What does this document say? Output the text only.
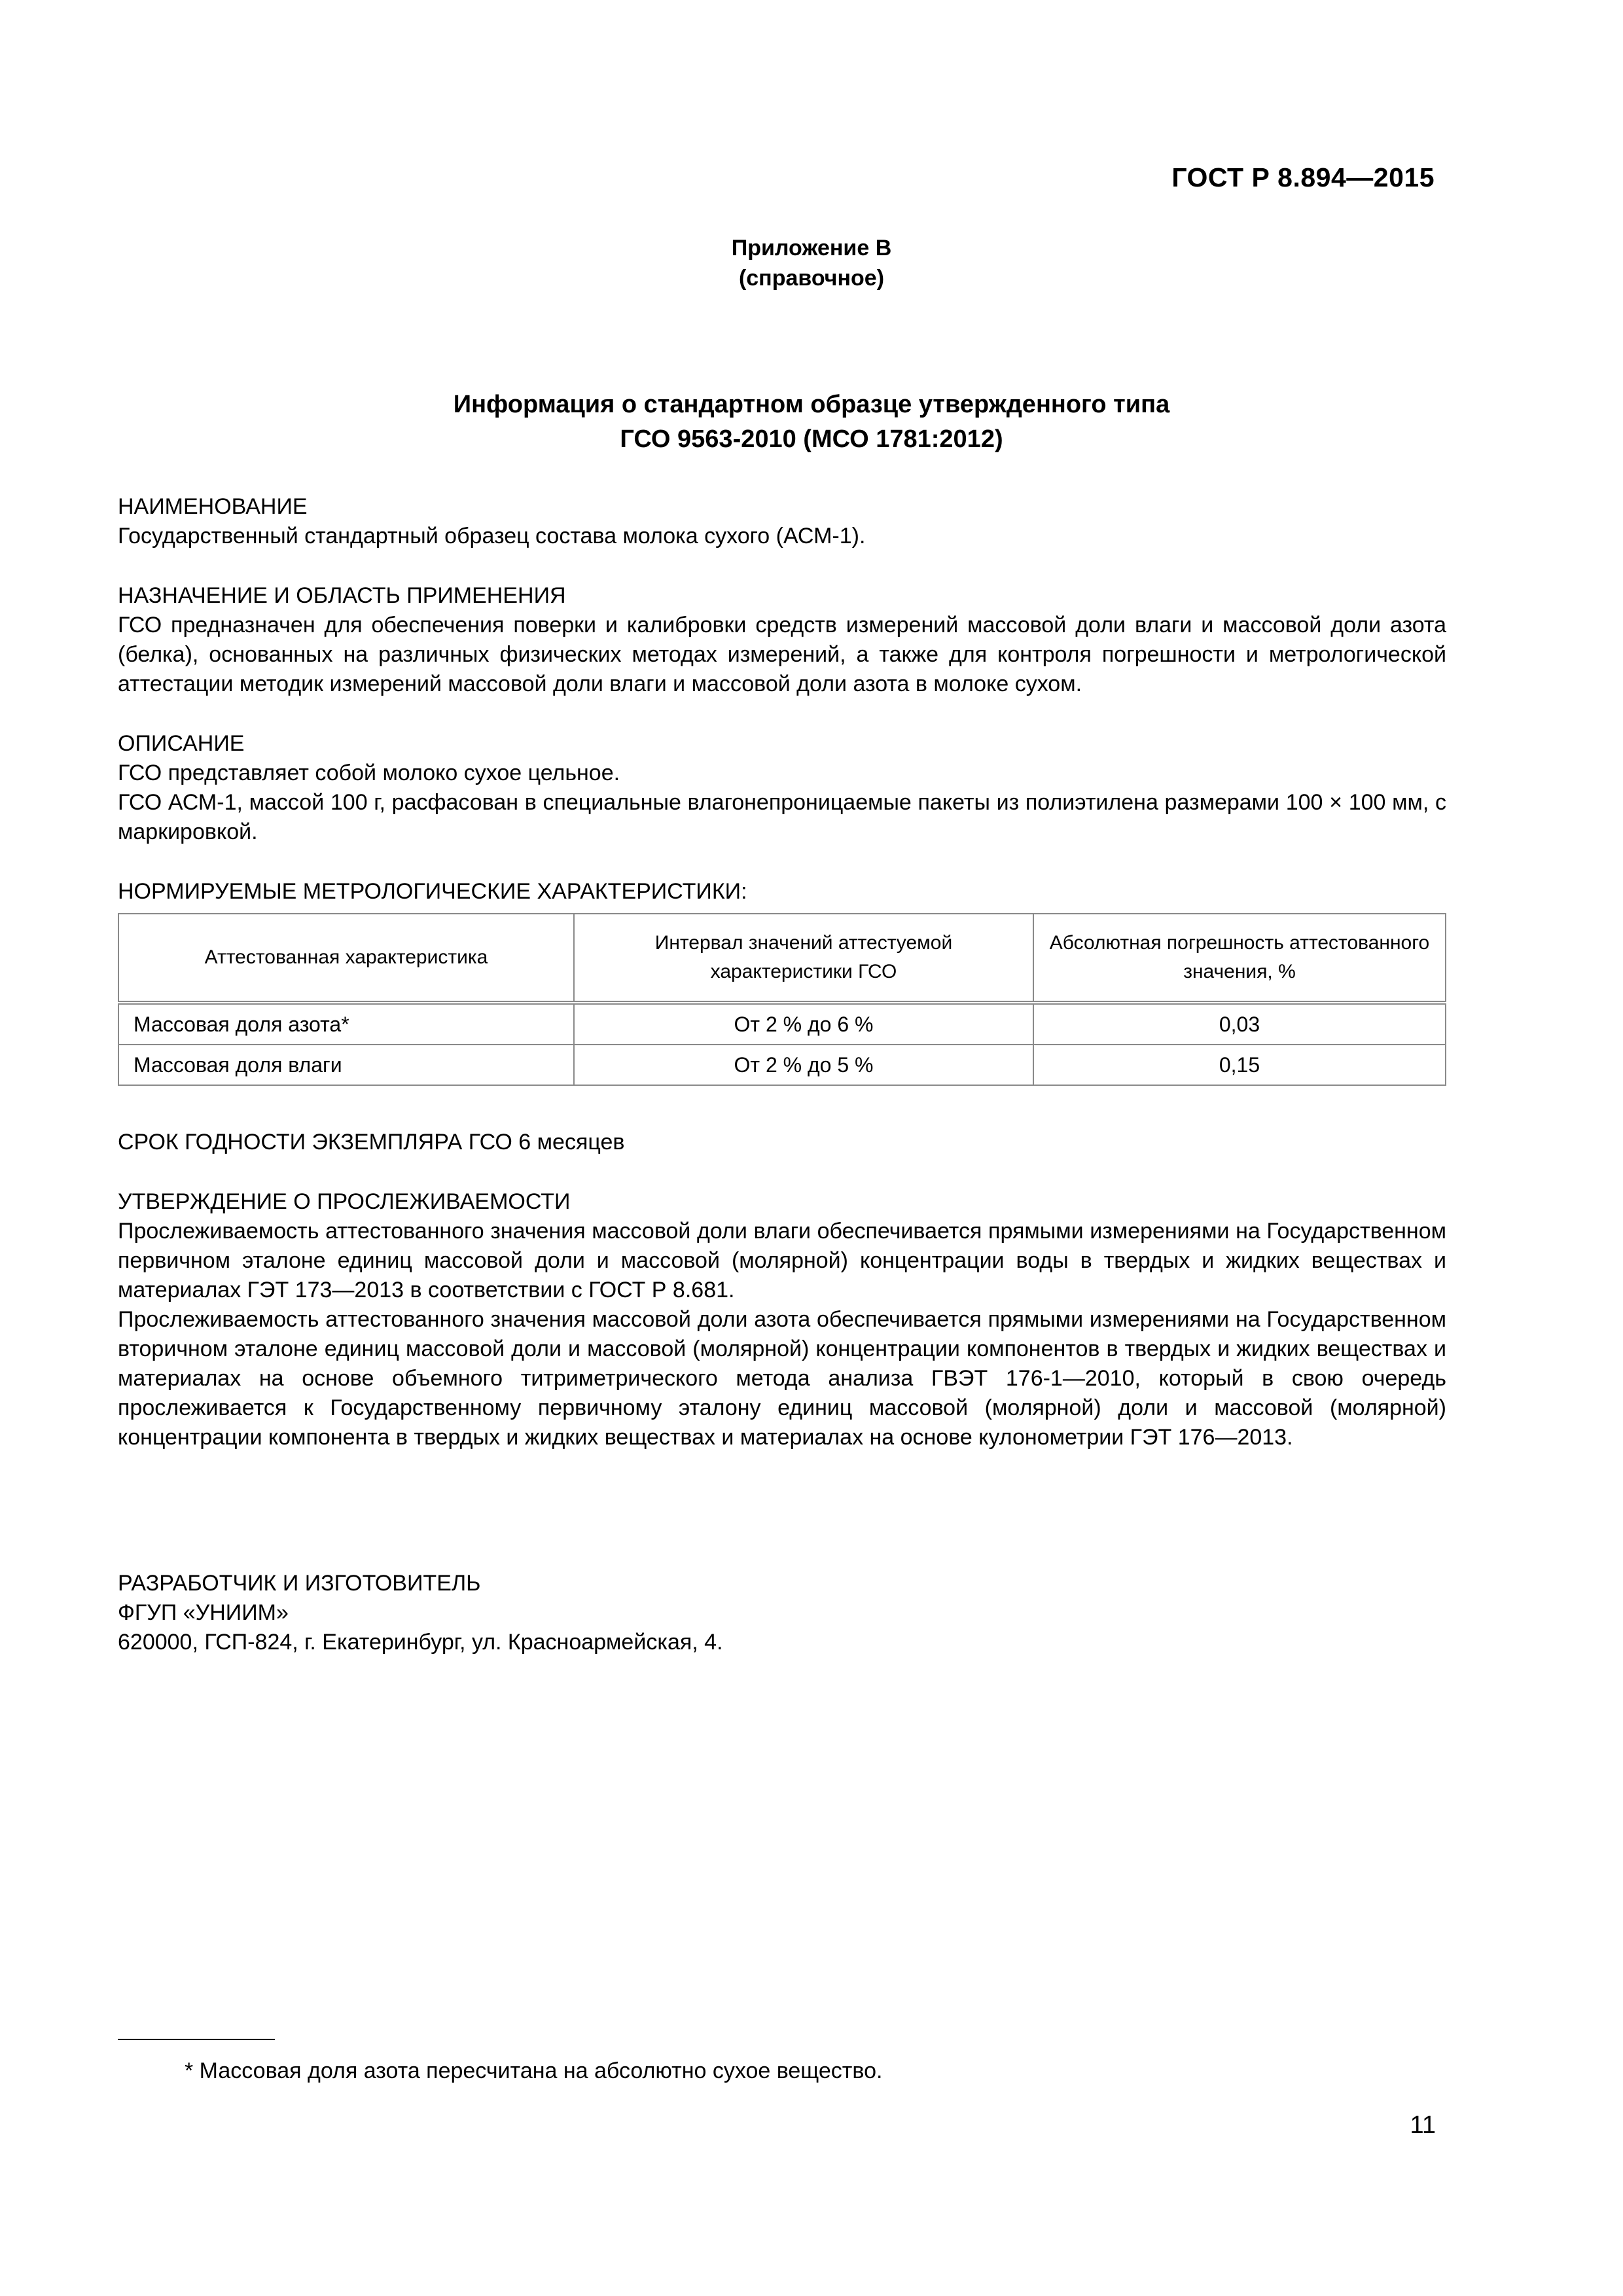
ГОСТ Р 8.894—2015
Приложение В
(справочное)
Информация о стандартном образце утвержденного типа
ГСО 9563-2010 (МСО 1781:2012)

НАИМЕНОВАНИЕ

Государственный стандартный образец состава молока сухого (АСМ-1).

НАЗНАЧЕНИЕ И ОБЛАСТЬ ПРИМЕНЕНИЯ

ГСО предназначен для обеспечения поверки и калибровки средств измерений массовой доли влаги и массовой доли азота (белка), основанных на различных физических методах измерений, а также для контроля погрешности и метрологической аттестации методик измерений массовой доли влаги и массовой доли азота в молоке сухом.

ОПИСАНИЕ

ГСО представляет собой молоко сухое цельное.

ГСО АСМ-1, массой 100 г, расфасован в специальные влагонепроницаемые пакеты из полиэтилена размерами 100 × 100 мм, с маркировкой.

НОРМИРУЕМЫЕ МЕТРОЛОГИЧЕСКИЕ ХАРАКТЕРИСТИКИ:

Аттестованная характеристика	Интервал значений аттестуемой характеристики ГСО	Абсолютная погрешность аттестованного значения, %
Массовая доля азота*	От 2 % до 6 %	0,03
Массовая доля влаги	От 2 % до 5 %	0,15

СРОК ГОДНОСТИ ЭКЗЕМПЛЯРА ГСО 6 месяцев

УТВЕРЖДЕНИЕ О ПРОСЛЕЖИВАЕМОСТИ

Прослеживаемость аттестованного значения массовой доли влаги обеспечивается прямыми измерениями на Государственном первичном эталоне единиц массовой доли и массовой (молярной) концентрации воды в твердых и жидких веществах и материалах ГЭТ 173—2013 в соответствии с ГОСТ Р 8.681.

Прослеживаемость аттестованного значения массовой доли азота обеспечивается прямыми измерениями на Государственном вторичном эталоне единиц массовой доли и массовой (молярной) концентрации компонентов в твердых и жидких веществах и материалах на основе объемного титриметрического метода анализа ГВЭТ 176-1—2010, который в свою очередь прослеживается к Государственному первичному эталону единиц массовой (молярной) доли и массовой (молярной) концентрации компонента в твердых и жидких веществах и материалах на основе кулонометрии ГЭТ 176—2013.

РАЗРАБОТЧИК И ИЗГОТОВИТЕЛЬ

ФГУП «УНИИМ»

620000, ГСП-824, г. Екатеринбург, ул. Красноармейская, 4.

* Массовая доля азота пересчитана на абсолютно сухое вещество.
11
